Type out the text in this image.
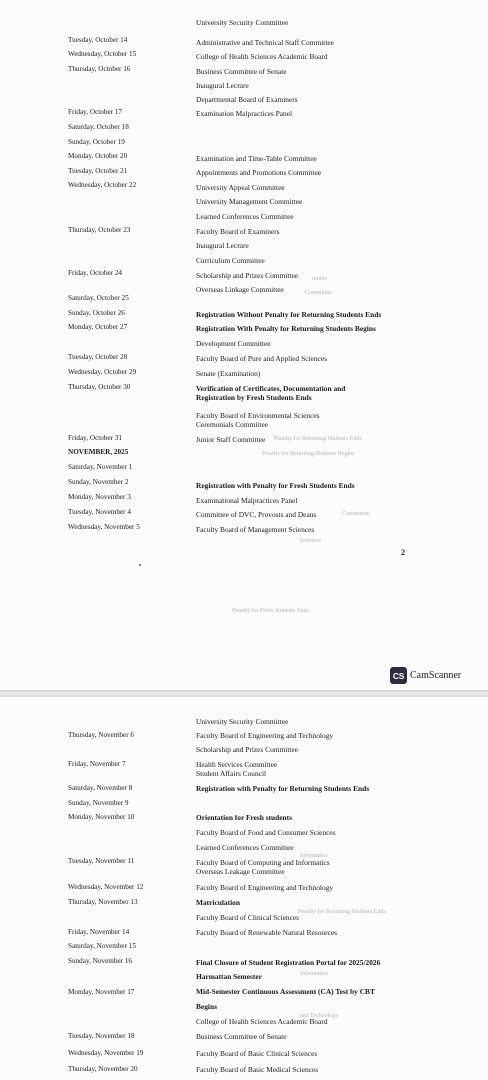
Tuesday, October 14
Wednesday, October 15
Thursday, October 16
Friday, October 17
Saturday, October 18
Sunday, October 19
Monday, October 20
Tuesday, October 21
Wednesday, October 22
Thursday, October 23
Friday, October 24
Saturday, October 25
Sunday, October 26
Monday, October 27
Tuesday, October 28
Wednesday, October 29
Thursday, October 30
Friday, October 31
NOVEMBER, 2025
Saturday, November 1
Sunday, November 2
Monday, November 3
Tuesday, November 4
Wednesday, November 5
University Security Committee
Administrative and Technical Staff Committee
College of Health Sciences Academic Board
Business Committee of Senate
Inaugural Lecture
Departmental Board of Examiners
Examination Malpractices Panel
Examination and Time-Table Committee
Appointments and Promotions Committee
University Appeal Committee
University Management Committee
Learned Conferences Committee
Faculty Board of Examiners
Inaugural Lecture
Curriculum Committee
Scholarship and Prizes Committee
Overseas Linkage Committee
Registration Without Penalty for Returning Students Ends
Registration With Penalty for Returning Students Begins
Development Committee
Faculty Board of Pure and Applied Sciences
Senate (Examination)
Verification of Certificates, Documentation and
Registration by Fresh Students Ends
Faculty Board of Environmental Sciences
Ceremonials Committee
Junior Staff Committee
Registration with Penalty for Fresh Students Ends
Examinational Malpractices Panel
Committee of DVC, Provosts and Deans
Faculty Board of Management Sciences
mittee
Committee
Penalty for Returning Students Ends
Penalty for Returning Students Begins
Commattee
Sciences
Penalty for Fresh Students Ends
2
Thursday, November 6
Friday, November 7
Saturday, November 8
Sunday, November 9
Monday, November 10
Tuesday, November 11
Wednesday, November 12
Thursday, November 13
Friday, November 14
Saturday, November 15
Sunday, November 16
Monday, November 17
Tuesday, November 18
Wednesday, November 19
Thursday, November 20
University Security Committee
Faculty Board of Engineering and Technology
Scholarship and Prizes Committee
Health Services Committee
Student Affairs Council
Registration with Penalty for Returning Students Ends
Orientation for Fresh students
Faculty Board of Food and Consumer Sciences
Learned Conferences Committee
Faculty Board of Computing and Informatics
Overseas Leakage Committee
Faculty Board of Engineering and Technology
Matriculation
Faculty Board of Clinical Sciences
Faculty Board of Renewable Natural Resources
Final Closure of Student Registration Portal for 2025/2026
Harmattan Semester
Mid-Semester Continuous Assessment (CA) Test by CBT
Begins
College of Health Sciences Academic Board
Business Committee of Senate
Faculty Board of Basic Clinical Sciences
Faculty Board of Basic Medical Sciences
Informatics
Penalty for Returning Students Ends
Informatics
and Technology
CS CamScanner
